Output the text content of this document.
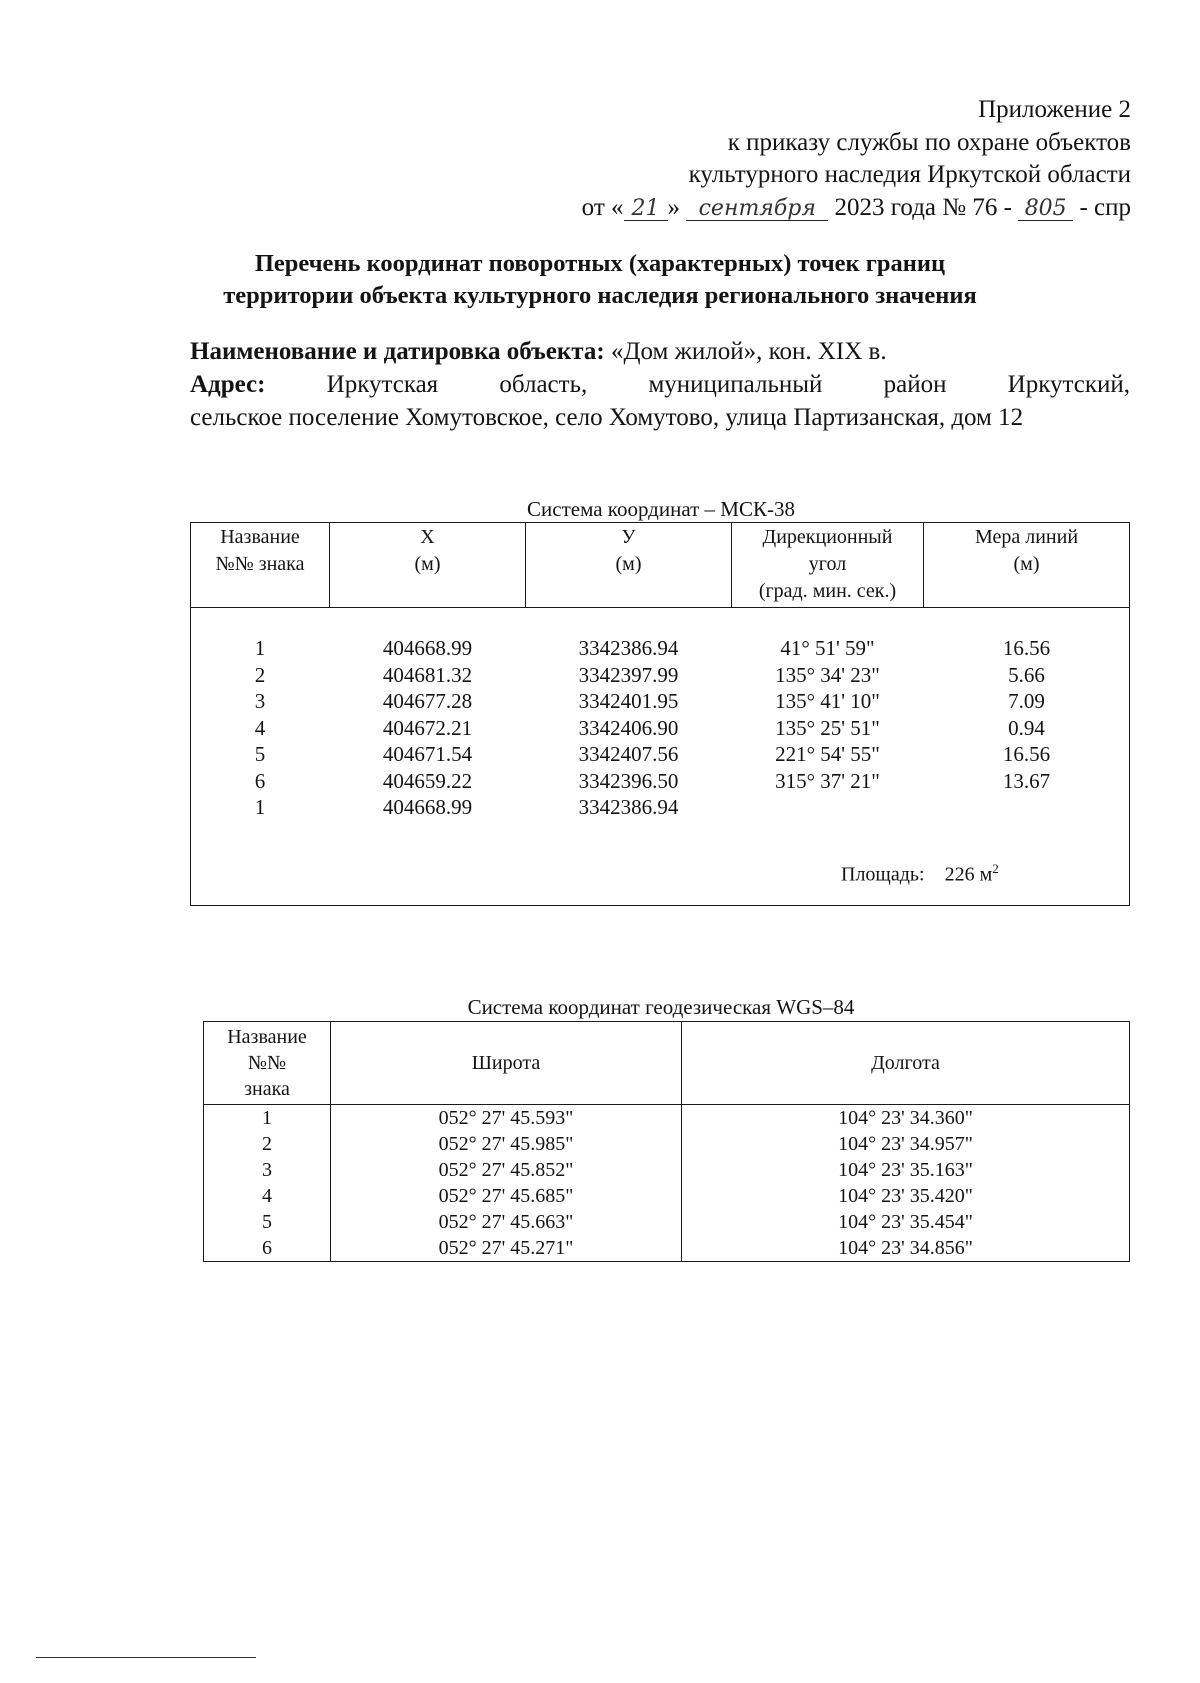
Приложение 2
к приказу службы по охране объектов
культурного наследия Иркутской области
от « 21 » сентября 2023 года № 76 - 805 - спр
Перечень координат поворотных (характерных) точек границ
территории объекта культурного наследия регионального значения
Наименование и датировка объекта: «Дом жилой», кон. XIX в.
Адрес: Иркутская область, муниципальный район Иркутский,
сельское поселение Хомутовское, село Хомутово, улица Партизанская, дом 12
Система координат – МСК-38
Название
№№ знака
Х
(м)
У
(м)
Дирекционный
угол
(град. мин. сек.)
Мера линий
(м)
1	404668.99	3342386.94	41° 51' 59"	16.56
2	404681.32	3342397.99	135° 34' 23"	5.66
3	404677.28	3342401.95	135° 41' 10"	7.09
4	404672.21	3342406.90	135° 25' 51"	0.94
5	404671.54	3342407.56	221° 54' 55"	16.56
6	404659.22	3342396.50	315° 37' 21"	13.67
1	404668.99	3342386.94
Площадь: 226 $м^2$
Система координат геодезическая WGS–84
Название
№№
знака	Широта	Долгота
1	052° 27' 45.593"	104° 23' 34.360"
2	052° 27' 45.985"	104° 23' 34.957"
3	052° 27' 45.852"	104° 23' 35.163"
4	052° 27' 45.685"	104° 23' 35.420"
5	052° 27' 45.663"	104° 23' 35.454"
6	052° 27' 45.271"	104° 23' 34.856"
